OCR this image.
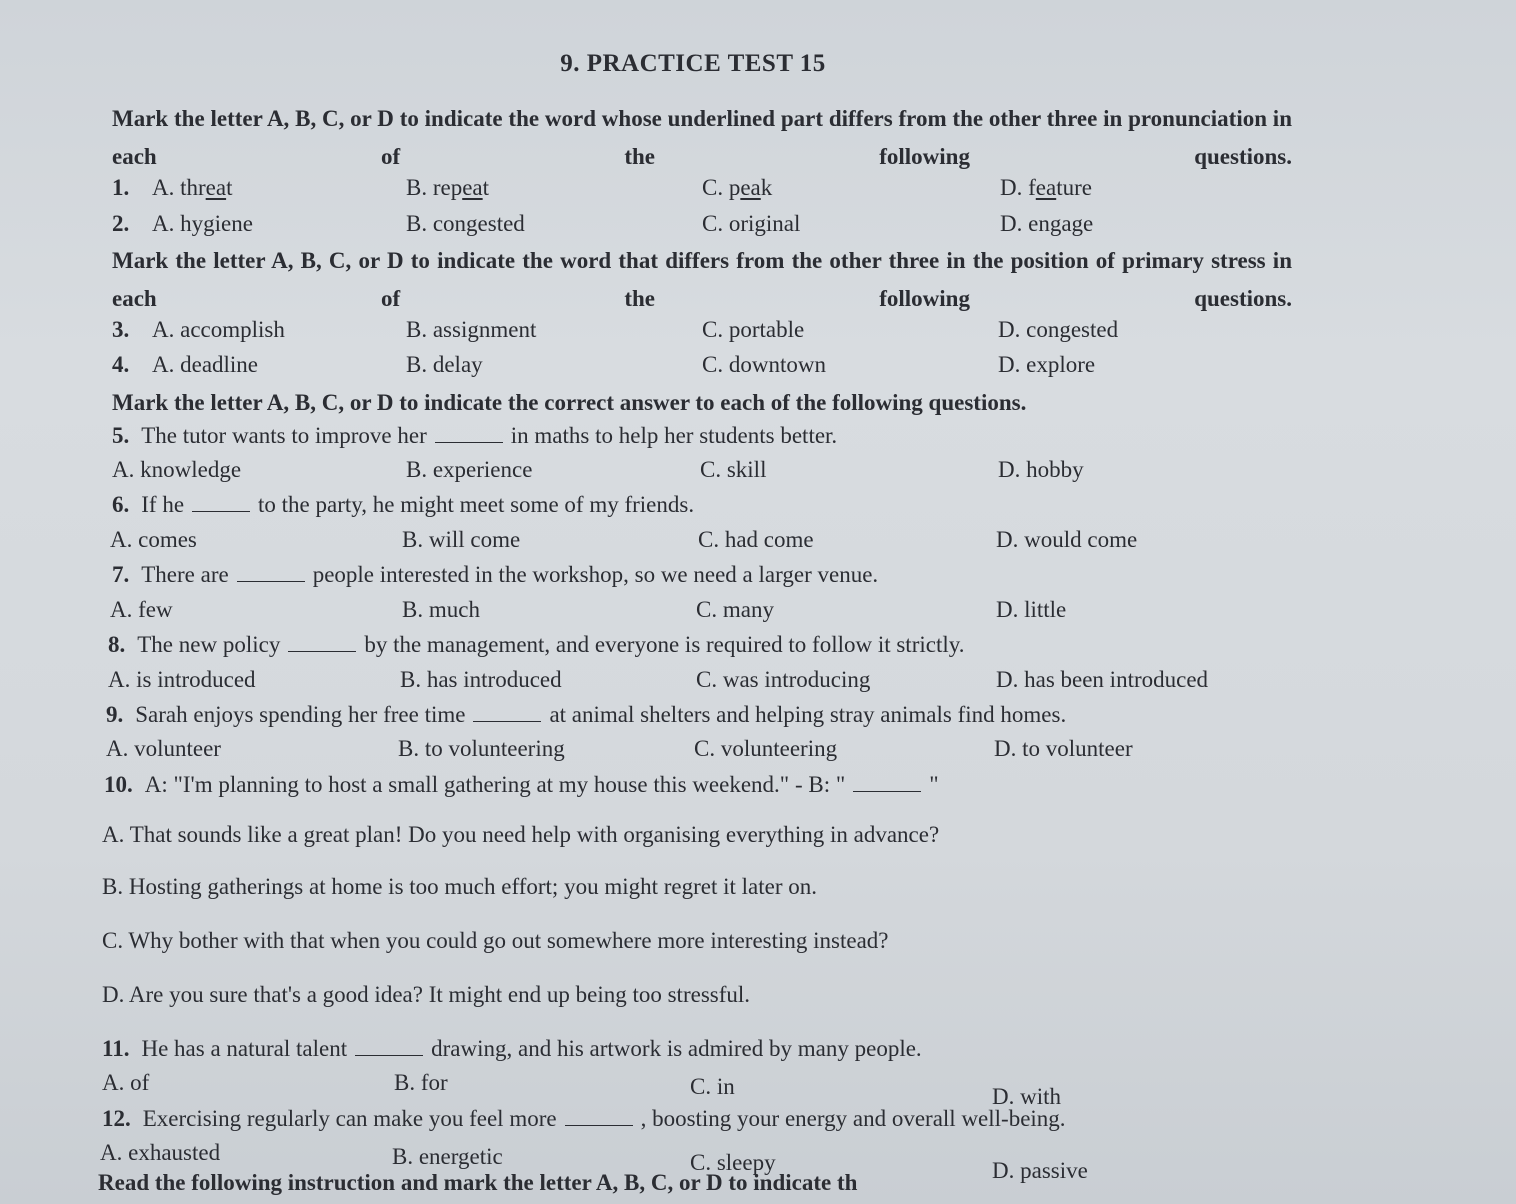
9. PRACTICE TEST 15
Mark the letter A, B, C, or D to indicate the word whose underlined part differs from the other three in pronunciation in each of the following questions.
1. A. threat	B. repeat	C. peak	D. feature
2. A. hygiene	B. congested	C. original	D. engage
Mark the letter A, B, C, or D to indicate the word that differs from the other three in the position of primary stress in each of the following questions.
3. A. accomplish	B. assignment	C. portable	D. congested
4. A. deadline	B. delay	C. downtown	D. explore
Mark the letter A, B, C, or D to indicate the correct answer to each of the following questions.
5. The tutor wants to improve her	in maths to help her students better.
A. knowledge	B. experience	C. skill	D. hobby
6. If he	to the party, he might meet some of my friends.
A. comes	B. will come	C. had come	D. would come
7. There are	people interested in the workshop, so we need a larger venue.
A. few	B. much	C. many	D. little
8. The new policy	by the management, and everyone is required to follow it strictly.
A. is introduced	B. has introduced	C. was introducing	D. has been introduced
9. Sarah enjoys spending her free time	at animal shelters and helping stray animals find homes.
A. volunteer	B. to volunteering	C. volunteering	D. to volunteer
10. A: "I'm planning to host a small gathering at my house this weekend." - B: "	"
A. That sounds like a great plan! Do you need help with organising everything in advance?
B. Hosting gatherings at home is too much effort; you might regret it later on.
C. Why bother with that when you could go out somewhere more interesting instead?
D. Are you sure that's a good idea? It might end up being too stressful.
11. He has a natural talent	drawing, and his artwork is admired by many people.
A. of	B. for	C. in	D. with
12. Exercising regularly can make you feel more	, boosting your energy and overall well-being.
A. exhausted	B. energetic	C. sleepy	D. passive
Read the following instruction and mark the letter A, B, C, or D to indicate th
